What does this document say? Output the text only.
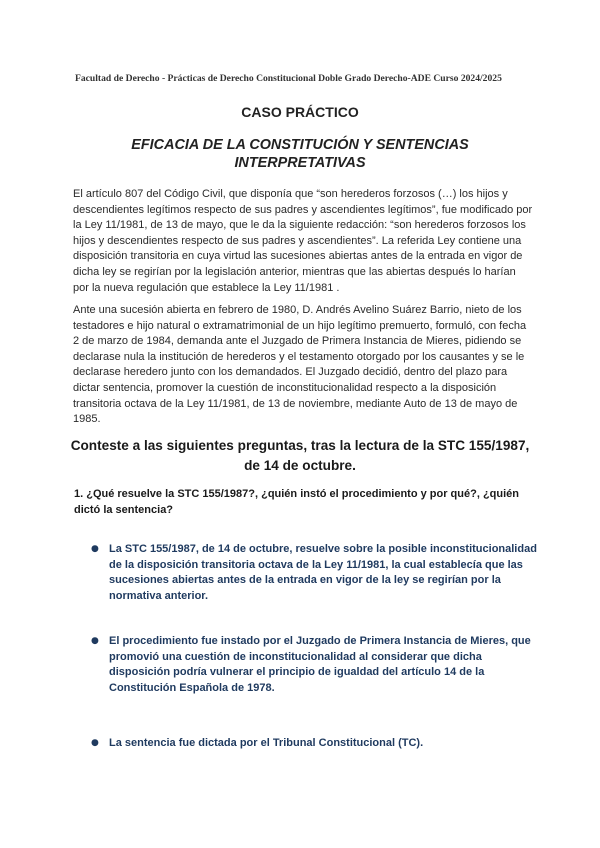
Facultad de Derecho - Prácticas de Derecho Constitucional Doble Grado Derecho-ADE Curso 2024/2025
CASO PRÁCTICO
EFICACIA DE LA CONSTITUCIÓN Y SENTENCIAS INTERPRETATIVAS

El artículo 807 del Código Civil, que disponía que “son herederos forzosos (…) los hijos y descendientes legítimos respecto de sus padres y ascendientes legítimos”, fue modificado por la Ley 11/1981, de 13 de mayo, que le da la siguiente redacción: “son herederos forzosos los hijos y descendientes respecto de sus padres y ascendientes”. La referida Ley contiene una disposición transitoria en cuya virtud las sucesiones abiertas antes de la entrada en vigor de dicha ley se regirían por la legislación anterior, mientras que las abiertas después lo harían por la nueva regulación que establece la Ley 11/1981 .

Ante una sucesión abierta en febrero de 1980, D. Andrés Avelino Suárez Barrio, nieto de los testadores e hijo natural o extramatrimonial de un hijo legítimo premuerto, formuló, con fecha 2 de marzo de 1984, demanda ante el Juzgado de Primera Instancia de Mieres, pidiendo se declarase nula la institución de herederos y el testamento otorgado por los causantes y se le declarase heredero junto con los demandados. El Juzgado decidió, dentro del plazo para dictar sentencia, promover la cuestión de inconstitucionalidad respecto a la disposición transitoria octava de la Ley 11/1981, de 13 de noviembre, mediante Auto de 13 de mayo de 1985.

Conteste a las siguientes preguntas, tras la lectura de la STC 155/1987, de 14 de octubre.
1. ¿Qué resuelve la STC 155/1987?, ¿quién instó el procedimiento y por qué?, ¿quién dictó la sentencia?
● La STC 155/1987, de 14 de octubre, resuelve sobre la posible inconstitucionalidad de la disposición transitoria octava de la Ley 11/1981, la cual establecía que las sucesiones abiertas antes de la entrada en vigor de la ley se regirían por la normativa anterior.
● El procedimiento fue instado por el Juzgado de Primera Instancia de Mieres, que promovió una cuestión de inconstitucionalidad al considerar que dicha disposición podría vulnerar el principio de igualdad del artículo 14 de la Constitución Española de 1978.
● La sentencia fue dictada por el Tribunal Constitucional (TC).
